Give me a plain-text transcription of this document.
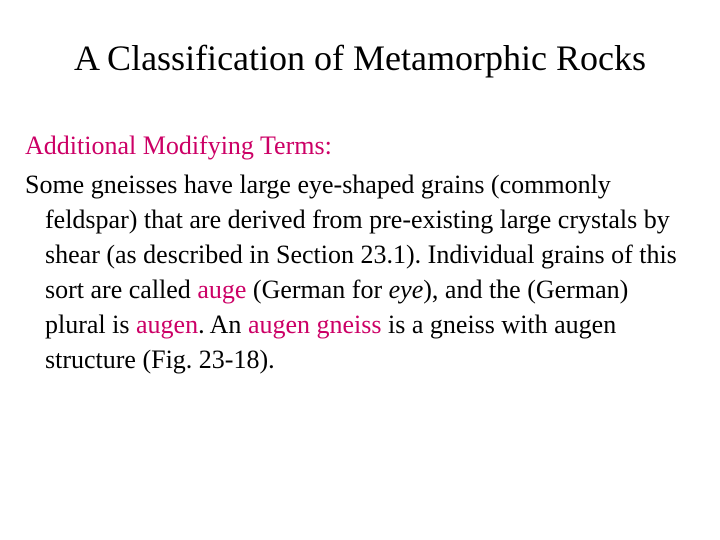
A Classification of Metamorphic Rocks
Additional Modifying Terms:
Some gneisses have large eye-shaped grains (commonly feldspar) that are derived from pre-existing large crystals by shear (as described in Section 23.1). Individual grains of this sort are called auge (German for eye), and the (German) plural is augen. An augen gneiss is a gneiss with augen structure (Fig. 23-18).
